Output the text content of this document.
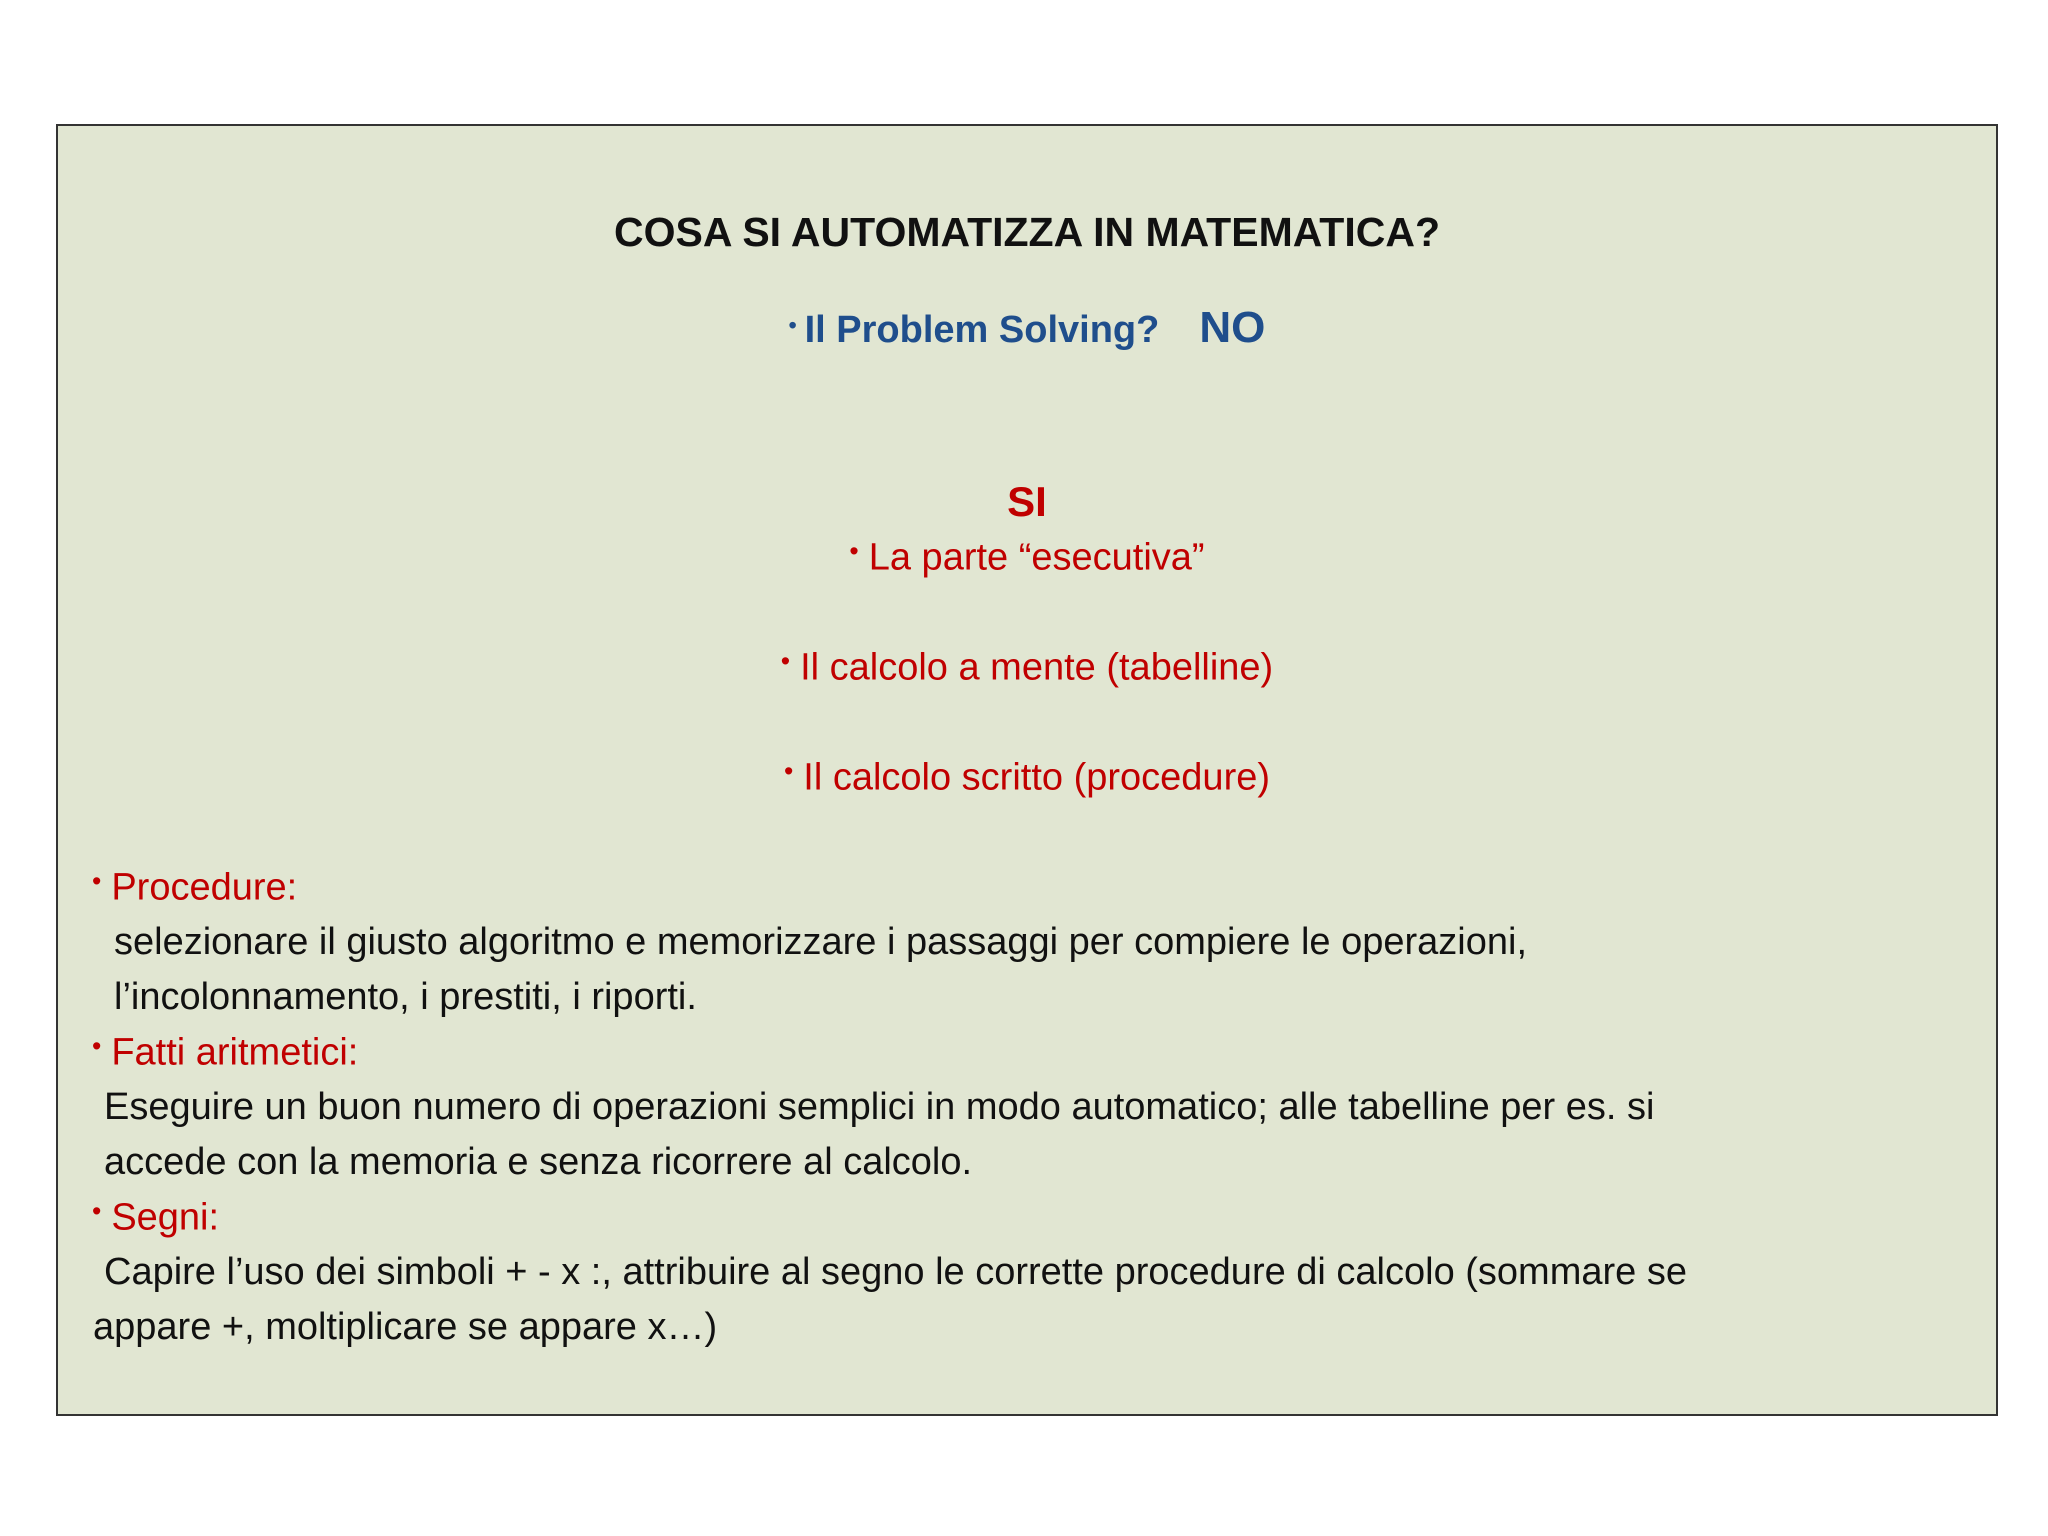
COSA SI AUTOMATIZZA IN MATEMATICA?
• Il Problem Solving? NO
SI
• La parte “esecutiva”
• Il calcolo a mente (tabelline)
• Il calcolo scritto (procedure)
• Procedure:
selezionare il giusto algoritmo e memorizzare i passaggi per compiere le operazioni,
l’incolonnamento, i prestiti, i riporti.
• Fatti aritmetici:
Eseguire un buon numero di operazioni semplici in modo automatico; alle tabelline per es. si
accede con la memoria e senza ricorrere al calcolo.
• Segni:
Capire l’uso dei simboli + - x :, attribuire al segno le corrette procedure di calcolo (sommare se
appare +, moltiplicare se appare x…)
